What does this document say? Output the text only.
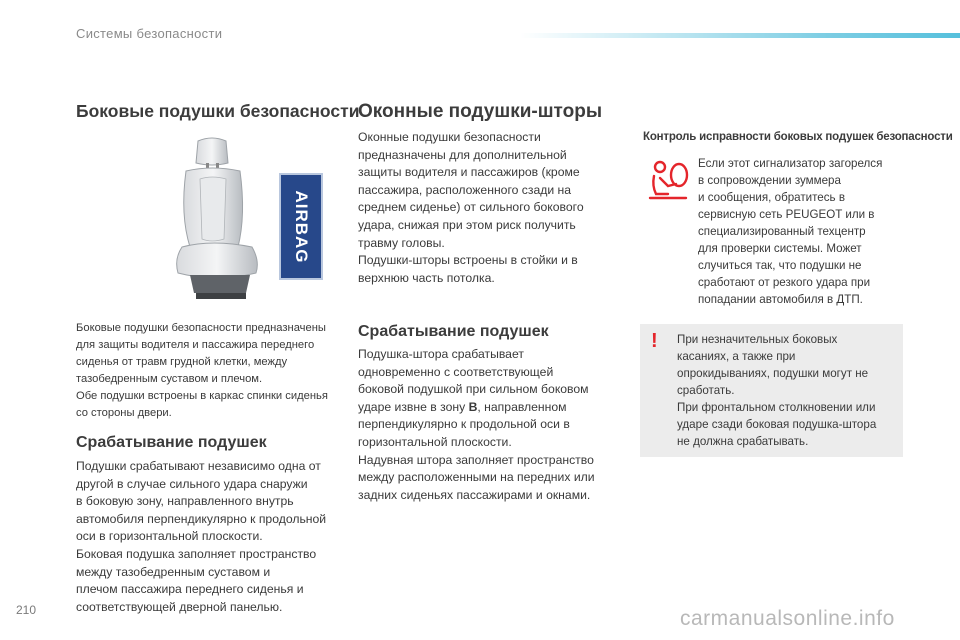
Системы безопасности
Боковые подушки безопасности
AIRBAG
Боковые подушки безопасности предназначены
для защиты водителя и пассажира переднего
сиденья от травм грудной клетки, между
тазобедренным суставом и плечом.
Обе подушки встроены в каркас спинки сиденья
со стороны двери.
Срабатывание подушек
Подушки срабатывают независимо одна от
другой в случае сильного удара снаружи
в боковую зону, направленного внутрь
автомобиля перпендикулярно к продольной
оси в горизонтальной плоскости.
Боковая подушка заполняет пространство
между тазобедренным суставом и
плечом пассажира переднего сиденья и
соответствующей дверной панелью.
Оконные подушки-шторы
Оконные подушки безопасности
предназначены для дополнительной
защиты водителя и пассажиров (кроме
пассажира, расположенного сзади на
среднем сиденье) от сильного бокового
удара, снижая при этом риск получить
травму головы.
Подушки-шторы встроены в стойки и в
верхнюю часть потолка.
Срабатывание подушек
Подушка-штора срабатывает
одновременно с соответствующей
боковой подушкой при сильном боковом
ударе извне в зону B, направленном
перпендикулярно к продольной оси в
горизонтальной плоскости.
Надувная штора заполняет пространство
между расположенными на передних или
задних сиденьях пассажирами и окнами.
Контроль исправности боковых подушек безопасности
Если этот сигнализатор загорелся
в сопровождении зуммера
и сообщения, обратитесь в
сервисную сеть PEUGEOT или в
специализированный техцентр
для проверки системы. Может
случиться так, что подушки не
сработают от резкого удара при
попадании автомобиля в ДТП.
! При незначительных боковых
касаниях, а также при
опрокидываниях, подушки могут не
сработать.
При фронтальном столкновении или
ударе сзади боковая подушка-штора
не должна срабатывать.
210	carmanualsonline.info
